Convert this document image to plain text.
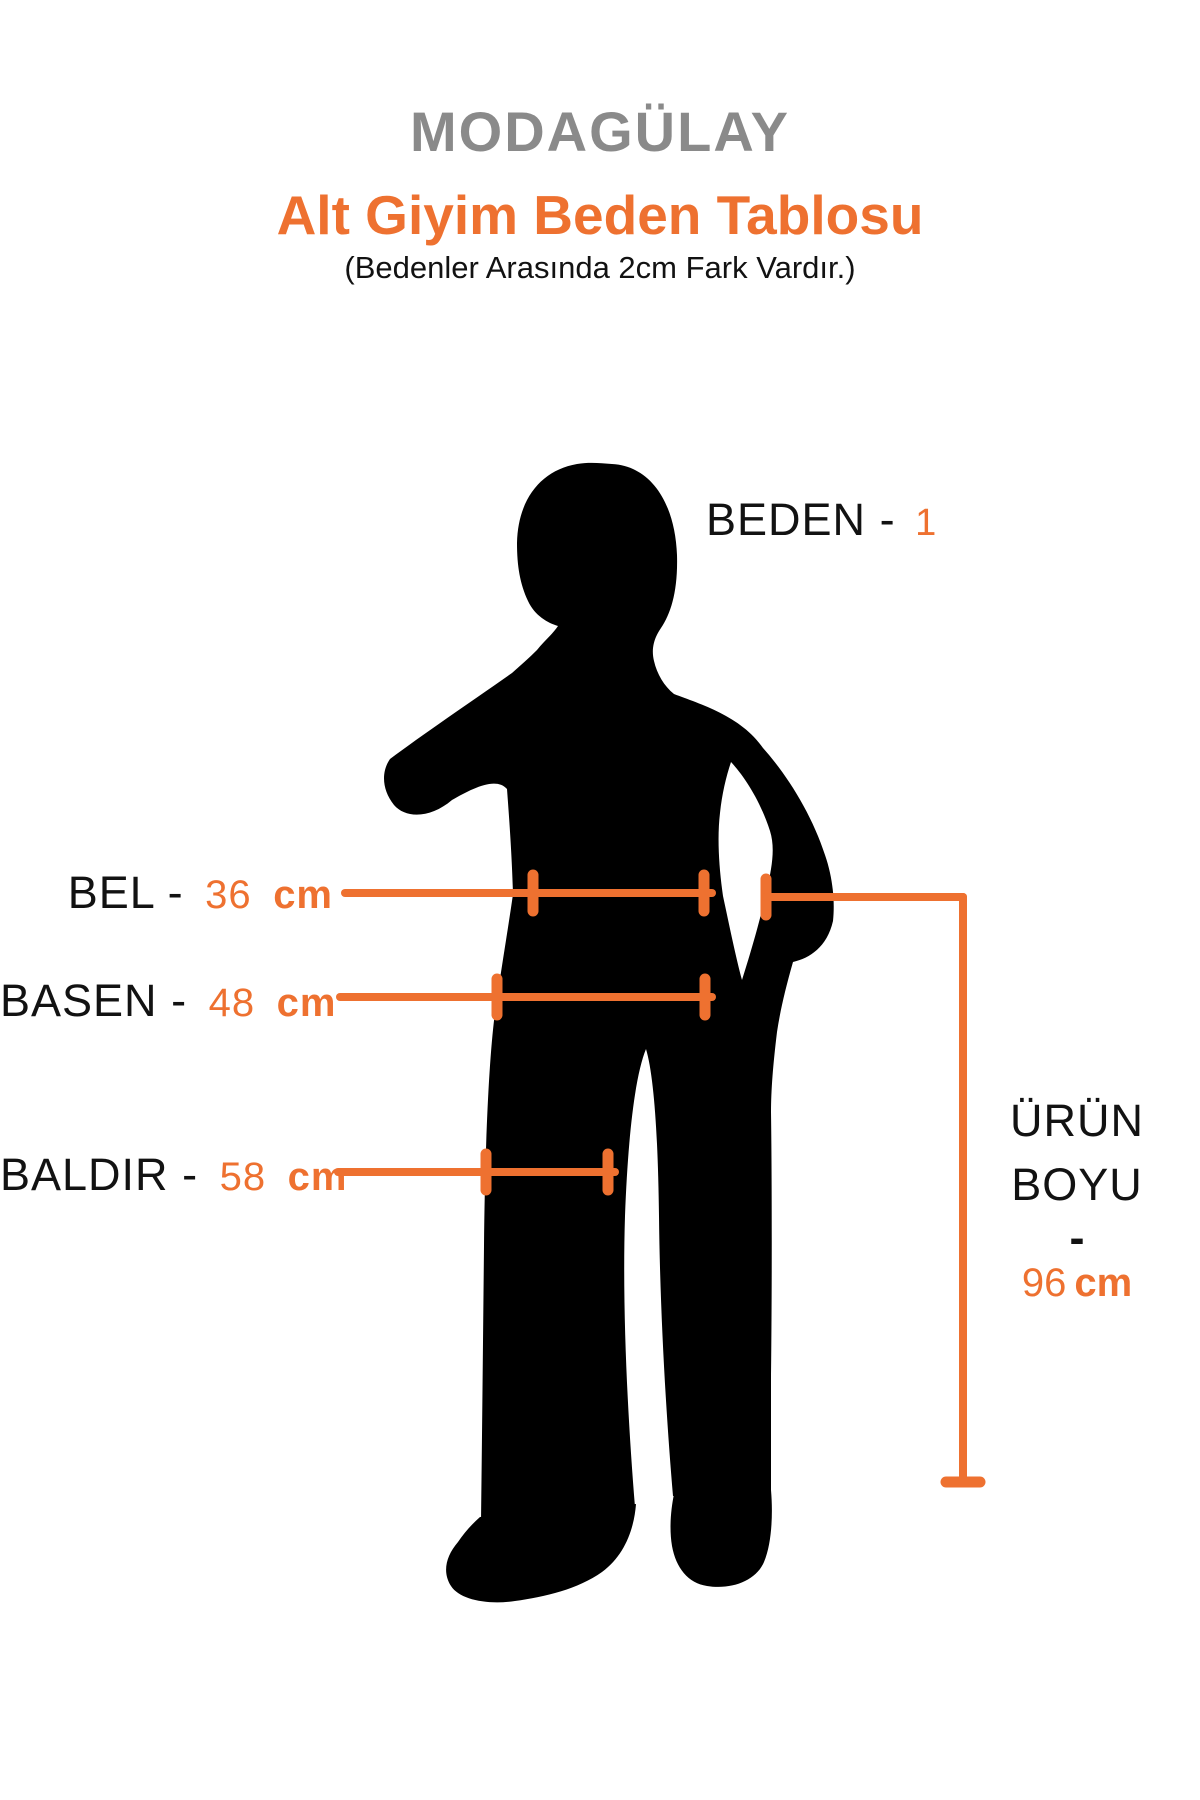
MODAGÜLAY
Alt Giyim Beden Tablosu
(Bedenler Arasında 2cm Fark Vardır.)
BEDEN - 1
BEL - 36 cm
BASEN - 48 cm
BALDIR - 58 cm
ÜRÜN
BOYU
-
96 cm
